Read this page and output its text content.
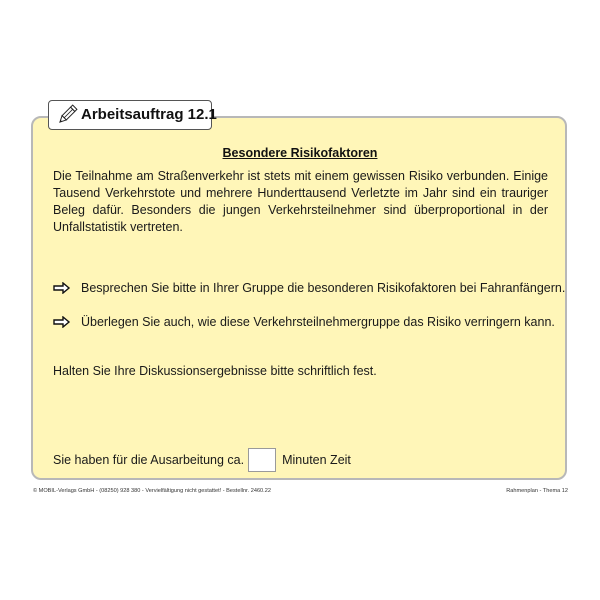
Arbeitsauftrag 12.1
Besondere Risikofaktoren
Die Teilnahme am Straßenverkehr ist stets mit einem gewissen Risiko verbunden. Einige Tausend Verkehrstote und mehrere Hunderttausend Verletzte im Jahr sind ein trauriger Beleg dafür. Besonders die jungen Verkehrsteilnehmer sind überproportional in der Unfallstatistik vertreten.
Besprechen Sie bitte in Ihrer Gruppe die besonderen Risikofaktoren bei Fahranfängern.
Überlegen Sie auch, wie diese Verkehrsteilnehmergruppe das Risiko verringern kann.
Halten Sie Ihre Diskussionsergebnisse bitte schriftlich fest.
Sie haben für die Ausarbeitung ca.	Minuten Zeit
© MOBIL-Verlags GmbH - (08250) 928 380 - Vervielfältigung nicht gestattet! - Bestellnr. 2460.22	Rahmenplan - Thema 12
